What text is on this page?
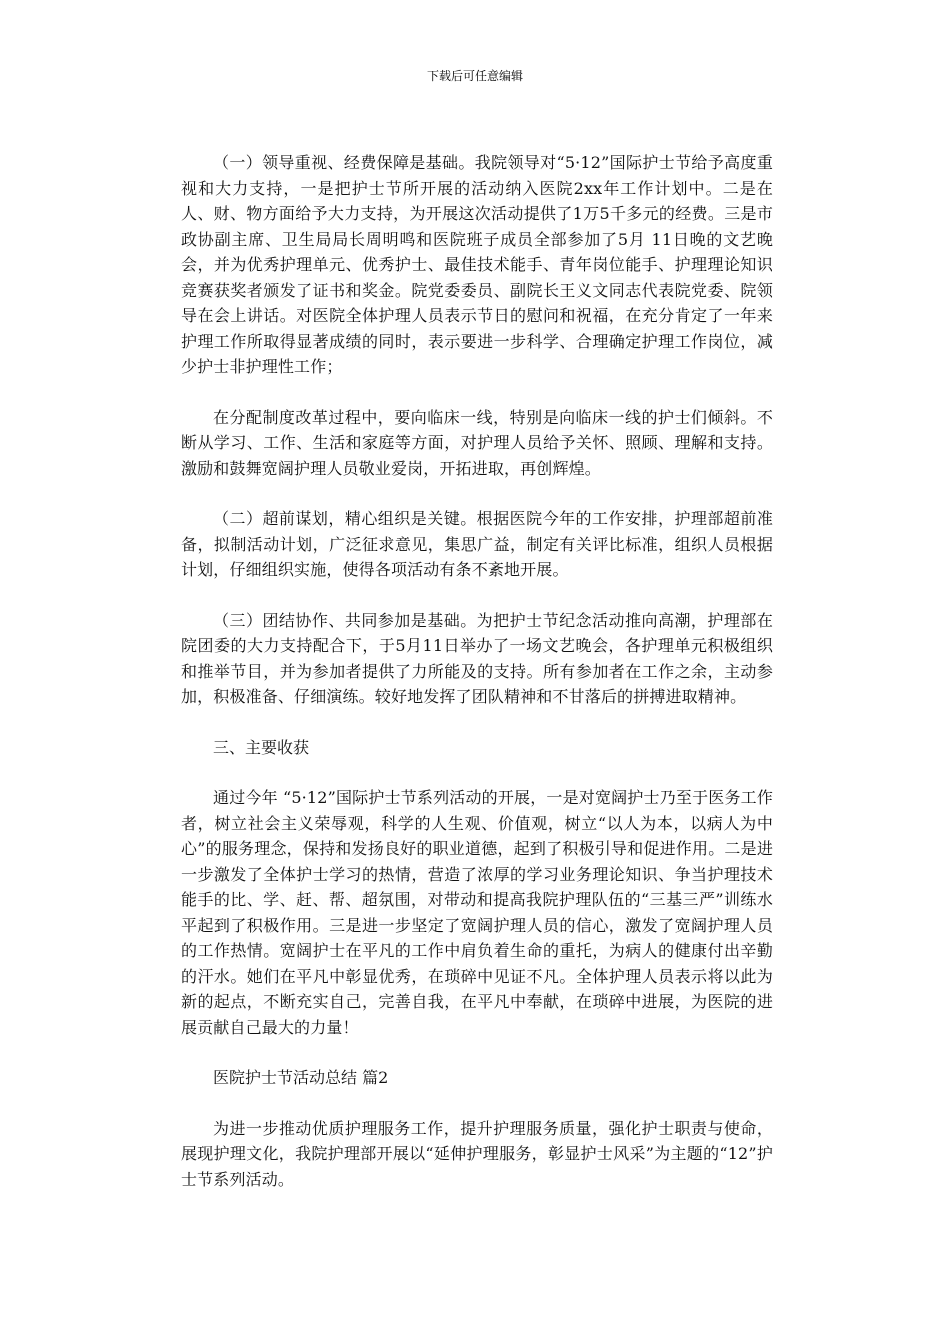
下载后可任意编辑

（一）领导重视、经费保障是基础。我院领导对“5·12”国际护士节给予高度重视和大力支持，一是把护士节所开展的活动纳入医院2xx年工作计划中。二是在人、财、物方面给予大力支持，为开展这次活动提供了1万5千多元的经费。三是市政协副主席、卫生局局长周明鸣和医院班子成员全部参加了5月 11日晚的文艺晚会，并为优秀护理单元、优秀护士、最佳技术能手、青年岗位能手、护理理论知识竞赛获奖者颁发了证书和奖金。院党委委员、副院长王义文同志代表院党委、院领导在会上讲话。对医院全体护理人员表示节日的慰问和祝福，在充分肯定了一年来护理工作所取得显著成绩的同时，表示要进一步科学、合理确定护理工作岗位，减少护士非护理性工作；

在分配制度改革过程中，要向临床一线，特别是向临床一线的护士们倾斜。不断从学习、工作、生活和家庭等方面，对护理人员给予关怀、照顾、理解和支持。激励和鼓舞宽阔护理人员敬业爱岗，开拓进取，再创辉煌。

（二）超前谋划，精心组织是关键。根据医院今年的工作安排，护理部超前准备，拟制活动计划，广泛征求意见，集思广益，制定有关评比标准，组织人员根据计划，仔细组织实施，使得各项活动有条不紊地开展。

（三）团结协作、共同参加是基础。为把护士节纪念活动推向高潮，护理部在院团委的大力支持配合下，于5月11日举办了一场文艺晚会，各护理单元积极组织和推举节目，并为参加者提供了力所能及的支持。所有参加者在工作之余，主动参加，积极准备、仔细演练。较好地发挥了团队精神和不甘落后的拼搏进取精神。

三、主要收获

通过今年 “5·12”国际护士节系列活动的开展，一是对宽阔护士乃至于医务工作者，树立社会主义荣辱观，科学的人生观、价值观，树立“以人为本，以病人为中心”的服务理念，保持和发扬良好的职业道德，起到了积极引导和促进作用。二是进一步激发了全体护士学习的热情，营造了浓厚的学习业务理论知识、争当护理技术能手的比、学、赶、帮、超氛围，对带动和提高我院护理队伍的“三基三严”训练水平起到了积极作用。三是进一步坚定了宽阔护理人员的信心，激发了宽阔护理人员的工作热情。宽阔护士在平凡的工作中肩负着生命的重托，为病人的健康付出辛勤的汗水。她们在平凡中彰显优秀，在琐碎中见证不凡。全体护理人员表示将以此为新的起点，不断充实自己，完善自我，在平凡中奉献，在琐碎中进展，为医院的进展贡献自己最大的力量！

医院护士节活动总结 篇2

为进一步推动优质护理服务工作，提升护理服务质量，强化护士职责与使命，展现护理文化，我院护理部开展以“延伸护理服务，彰显护士风采”为主题的“12”护士节系列活动。
